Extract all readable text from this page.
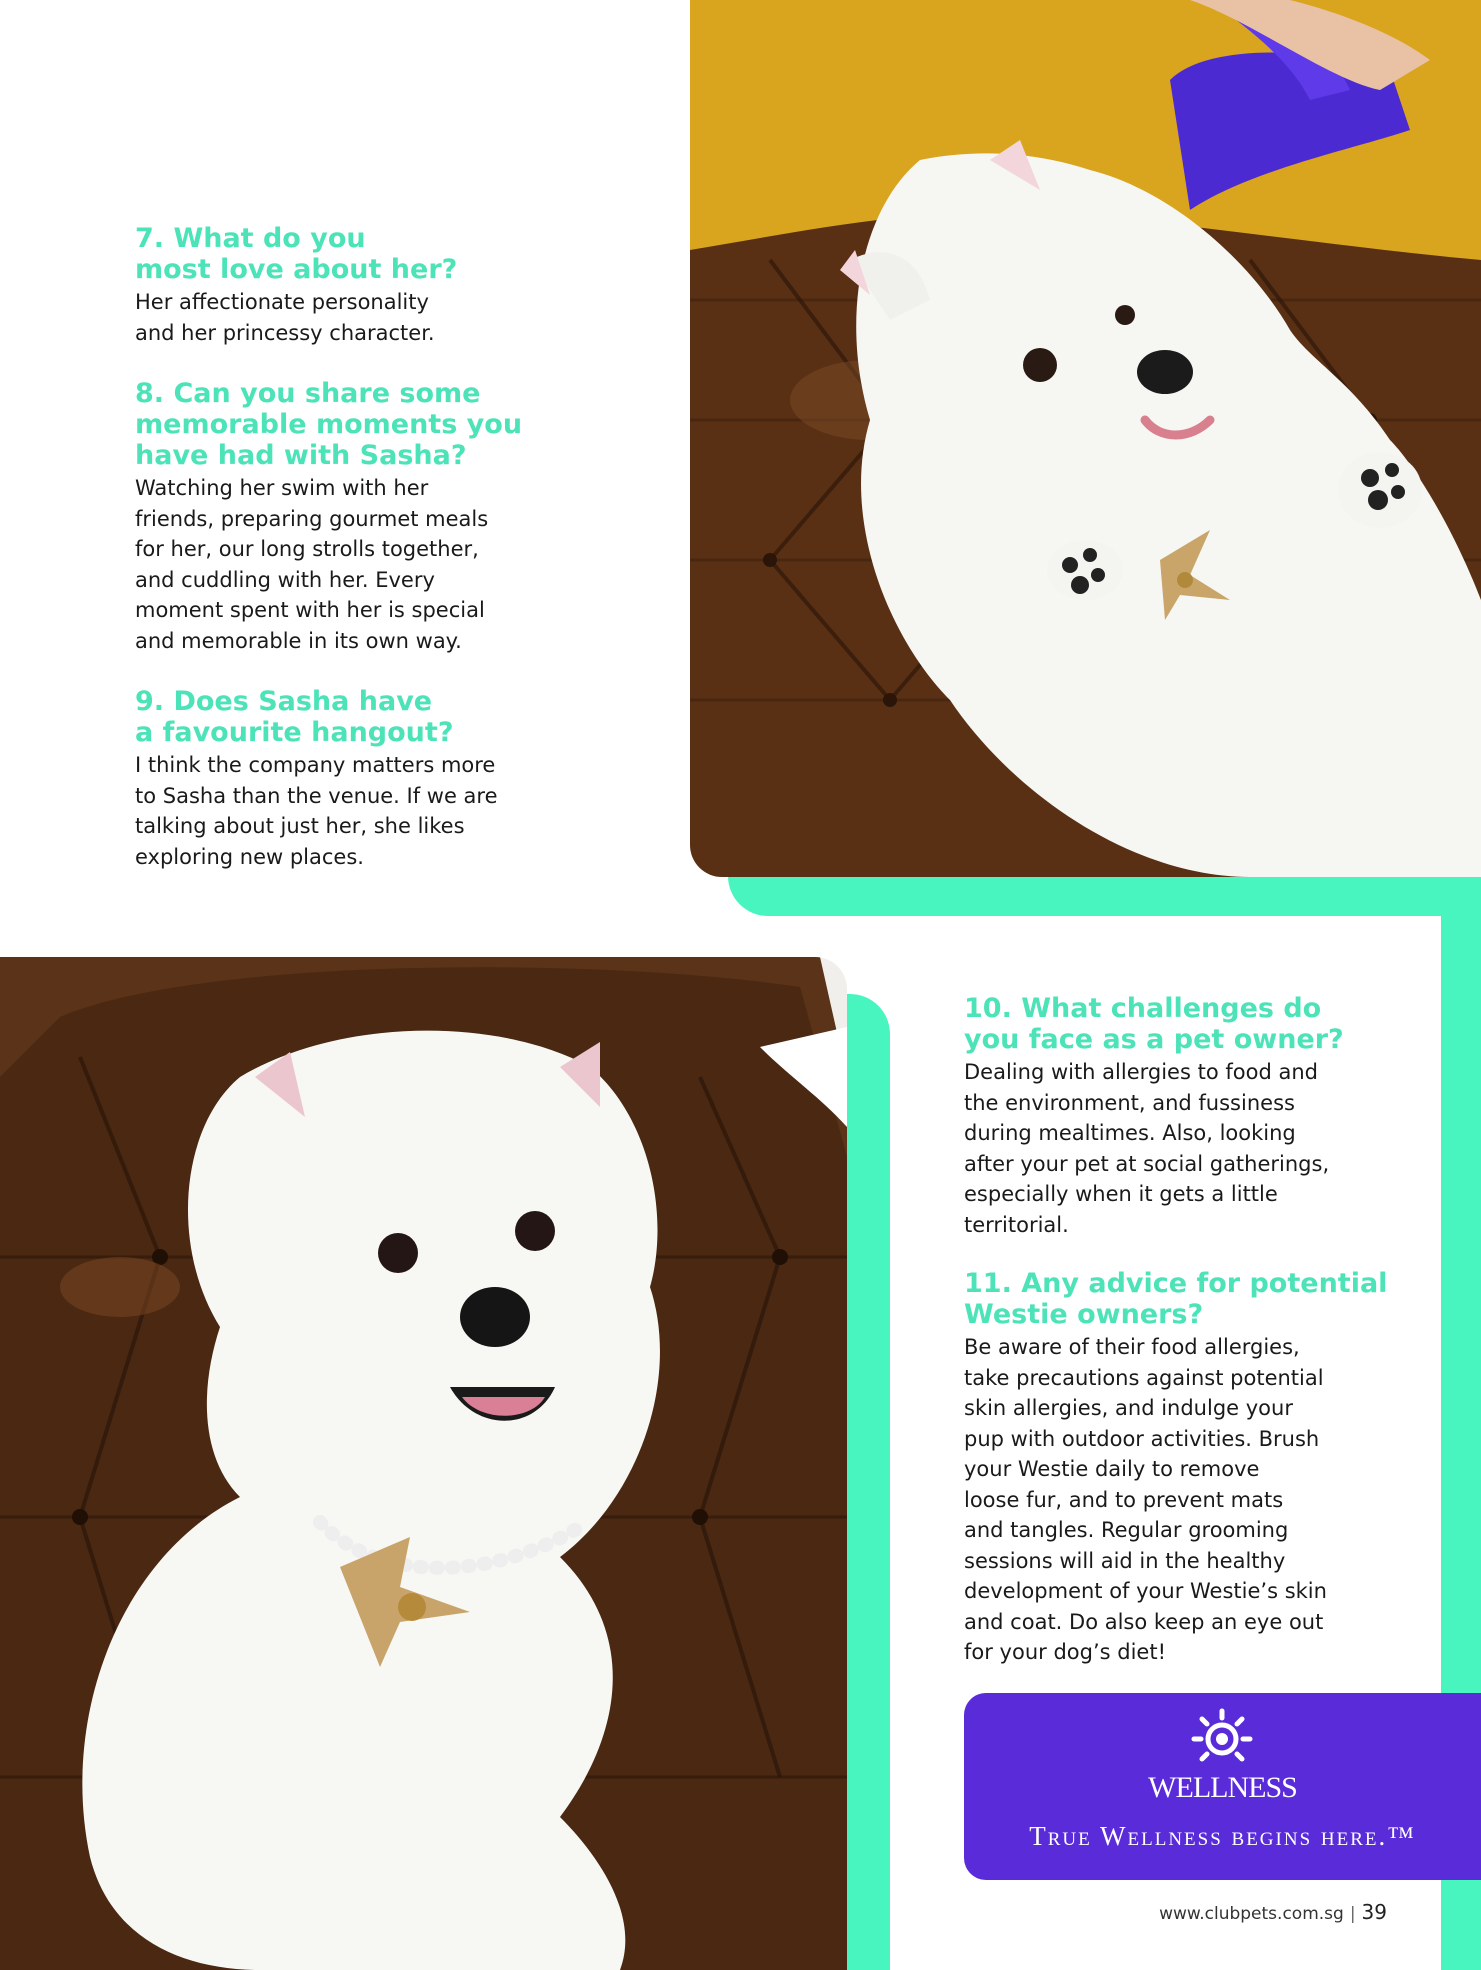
7. What do you
most love about her?

Her affectionate personality
and her princessy character.

8. Can you share some
memorable moments you
have had with Sasha?

Watching her swim with her
friends, preparing gourmet meals
for her, our long strolls together,
and cuddling with her. Every
moment spent with her is special
and memorable in its own way.

9. Does Sasha have
a favourite hangout?

I think the company matters more
to Sasha than the venue. If we are
talking about just her, she likes
exploring new places.

10. What challenges do
you face as a pet owner?

Dealing with allergies to food and
the environment, and fussiness
during mealtimes. Also, looking
after your pet at social gatherings,
especially when it gets a little
territorial.

11. Any advice for potential
Westie owners?

Be aware of their food allergies,
take precautions against potential
skin allergies, and indulge your
pup with outdoor activities. Brush
your Westie daily to remove
loose fur, and to prevent mats
and tangles. Regular grooming
sessions will aid in the healthy
development of your Westie’s skin
and coat. Do also keep an eye out
for your dog’s diet!

WELLNESS
True Wellness begins here.™
www.clubpets.com.sg | 39
